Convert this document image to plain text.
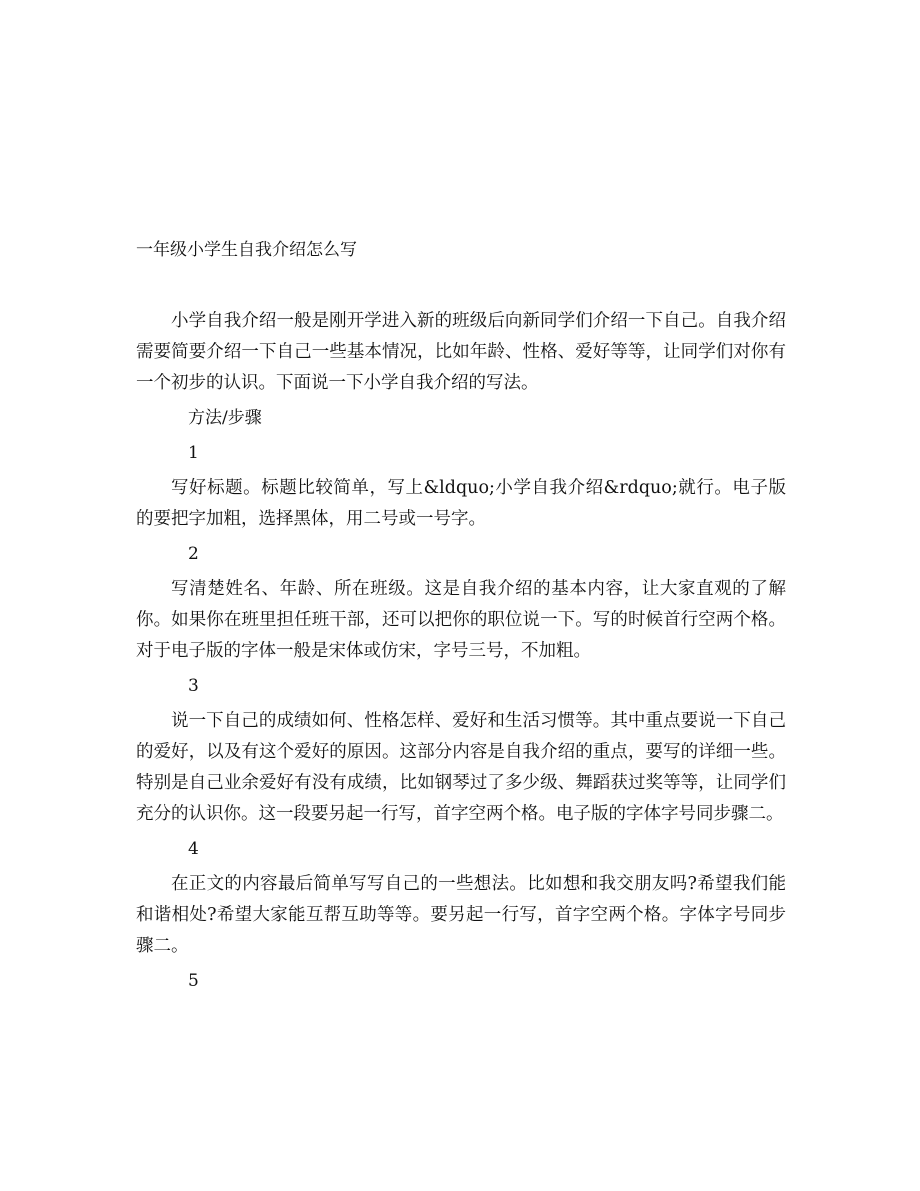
一年级小学生自我介绍怎么写

小学自我介绍一般是刚开学进入新的班级后向新同学们介绍一下自己。自我介绍需要简要介绍一下自己一些基本情况，比如年龄、性格、爱好等等，让同学们对你有一个初步的认识。下面说一下小学自我介绍的写法。

方法/步骤
1

写好标题。标题比较简单，写上&ldquo;小学自我介绍&rdquo;就行。电子版的要把字加粗，选择黑体，用二号或一号字。

2

写清楚姓名、年龄、所在班级。这是自我介绍的基本内容，让大家直观的了解你。如果你在班里担任班干部，还可以把你的职位说一下。写的时候首行空两个格。对于电子版的字体一般是宋体或仿宋，字号三号，不加粗。

3

说一下自己的成绩如何、性格怎样、爱好和生活习惯等。其中重点要说一下自己的爱好，以及有这个爱好的原因。这部分内容是自我介绍的重点，要写的详细一些。特别是自己业余爱好有没有成绩，比如钢琴过了多少级、舞蹈获过奖等等，让同学们充分的认识你。这一段要另起一行写，首字空两个格。电子版的字体字号同步骤二。

4

在正文的内容最后简单写写自己的一些想法。比如想和我交朋友吗?希望我们能和谐相处?希望大家能互帮互助等等。要另起一行写，首字空两个格。字体字号同步骤二。

5
